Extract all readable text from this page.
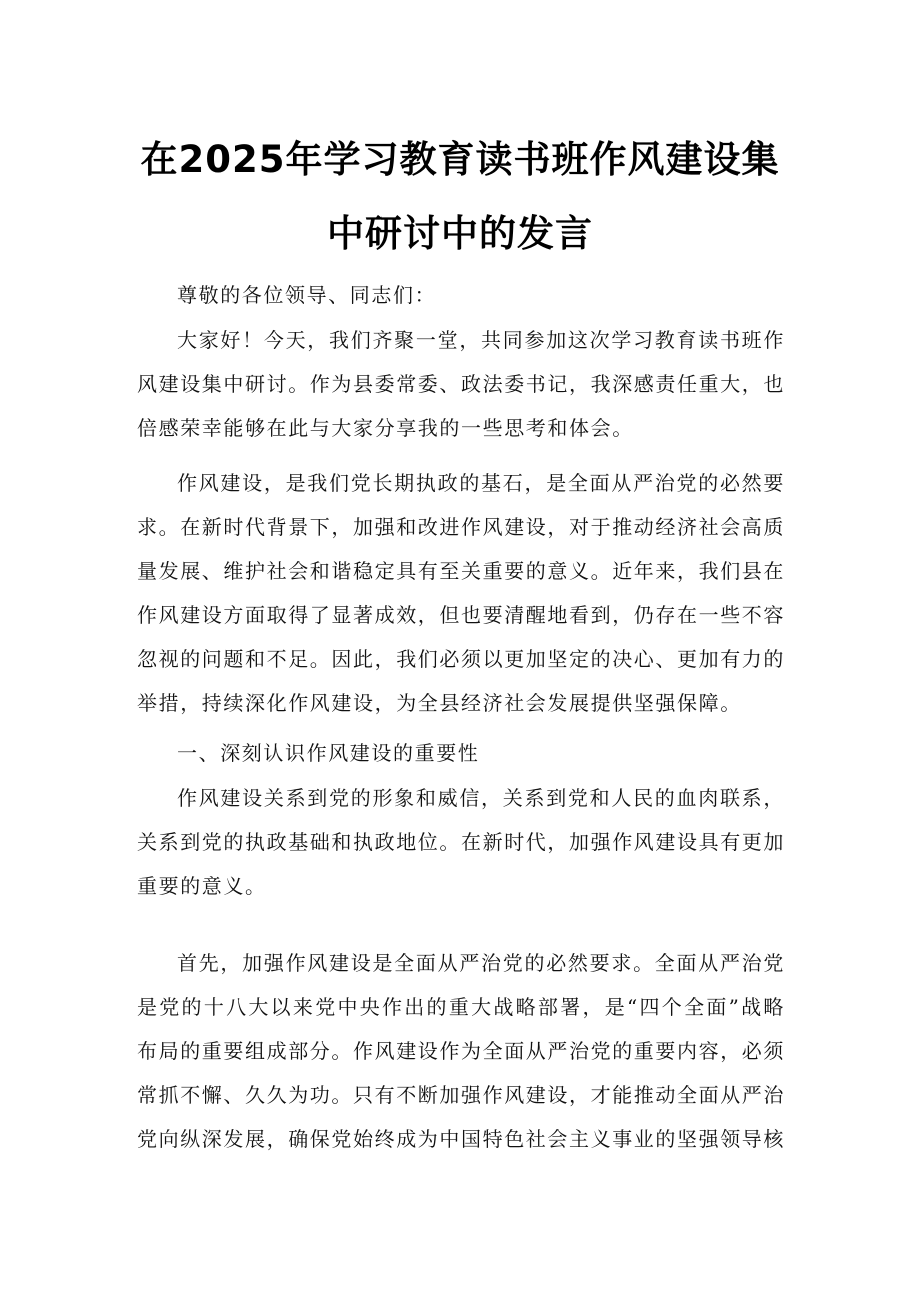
在2025年学习教育读书班作风建设集
中研讨中的发言

尊敬的各位领导、同志们：

大家好！今天，我们齐聚一堂，共同参加这次学习教育读书班作风建设集中研讨。作为县委常委、政法委书记，我深感责任重大，也倍感荣幸能够在此与大家分享我的一些思考和体会。

作风建设，是我们党长期执政的基石，是全面从严治党的必然要求。在新时代背景下，加强和改进作风建设，对于推动经济社会高质量发展、维护社会和谐稳定具有至关重要的意义。近年来，我们县在作风建设方面取得了显著成效，但也要清醒地看到，仍存在一些不容忽视的问题和不足。因此，我们必须以更加坚定的决心、更加有力的举措，持续深化作风建设，为全县经济社会发展提供坚强保障。

一、深刻认识作风建设的重要性

作风建设关系到党的形象和威信，关系到党和人民的血肉联系，关系到党的执政基础和执政地位。在新时代，加强作风建设具有更加重要的意义。

首先，加强作风建设是全面从严治党的必然要求。全面从严治党是党的十八大以来党中央作出的重大战略部署，是“四个全面”战略布局的重要组成部分。作风建设作为全面从严治党的重要内容，必须常抓不懈、久久为功。只有不断加强作风建设，才能推动全面从严治党向纵深发展，确保党始终成为中国特色社会主义事业的坚强领导核
